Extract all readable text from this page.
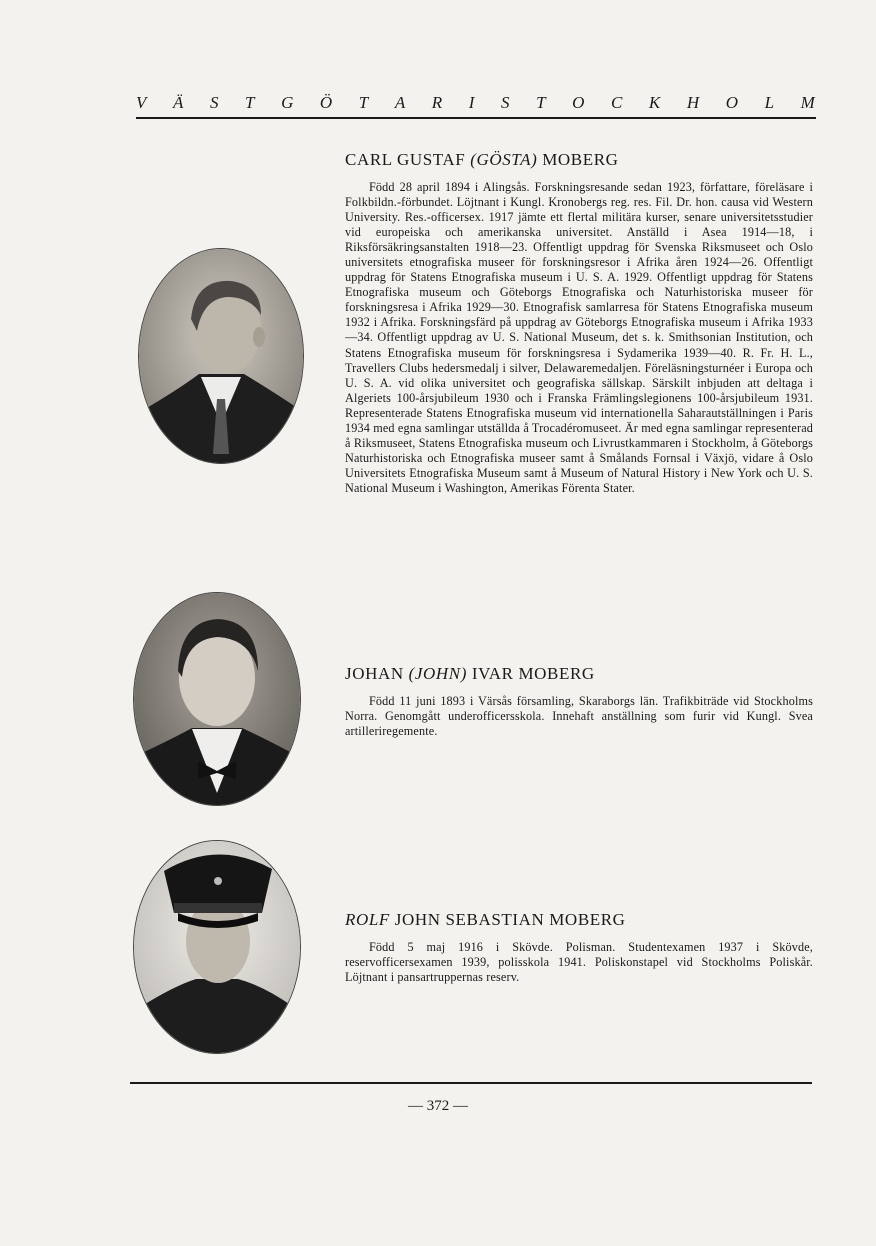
V Ä S T G Ö T A R I S T O C K H O L M
CARL GUSTAF (GÖSTA) MOBERG

Född 28 april 1894 i Alingsås. Forskningsresande sedan 1923, författare, föreläsare i Folkbildn.-förbundet. Löjtnant i Kungl. Kronobergs reg. res. Fil. Dr. hon. causa vid Western University. Res.-officersex. 1917 jämte ett flertal militära kurser, senare universitetsstudier vid europeiska och amerikanska universitet. Anställd i Asea 1914—18, i Riksförsäkringsanstalten 1918—23. Offentligt uppdrag för Svenska Riksmuseet och Oslo universitets etnografiska museer för forskningsresor i Afrika åren 1924—26. Offentligt uppdrag för Statens Etnografiska museum i U. S. A. 1929. Offentligt uppdrag för Statens Etnografiska museum och Göteborgs Etnografiska och Naturhistoriska museer för forskningsresa i Afrika 1929—30. Etnografisk samlarresa för Statens Etnografiska museum 1932 i Afrika. Forskningsfärd på uppdrag av Göteborgs Etnografiska museum i Afrika 1933—34. Offentligt uppdrag av U. S. National Museum, det s. k. Smithsonian Institution, och Statens Etnografiska museum för forskningsresa i Sydamerika 1939—40. R. Fr. H. L., Travellers Clubs hedersmedalj i silver, Delawaremedaljen. Föreläsningsturnéer i Europa och U. S. A. vid olika universitet och geografiska sällskap. Särskilt inbjuden att deltaga i Algeriets 100-årsjubileum 1930 och i Franska Främlingslegionens 100-årsjubileum 1931. Representerade Statens Etnografiska museum vid internationella Saharautställningen i Paris 1934 med egna samlingar utställda å Trocadéromuseet. Är med egna samlingar representerad å Riksmuseet, Statens Etnografiska museum och Livrustkammaren i Stockholm, å Göteborgs Naturhistoriska och Etnografiska museer samt å Smålands Fornsal i Växjö, vidare å Oslo Universitets Etnografiska Museum samt å Museum of Natural History i New York och U. S. National Museum i Washington, Amerikas Förenta Stater.

JOHAN (JOHN) IVAR MOBERG

Född 11 juni 1893 i Värsås församling, Skaraborgs län. Trafikbiträde vid Stockholms Norra. Genomgått underofficersskola. Innehaft anställning som furir vid Kungl. Svea artilleriregemente.

ROLF JOHN SEBASTIAN MOBERG

Född 5 maj 1916 i Skövde. Polisman. Studentexamen 1937 i Skövde, reservofficersexamen 1939, polisskola 1941. Poliskonstapel vid Stockholms Poliskår. Löjtnant i pansartruppernas reserv.

— 372 —
